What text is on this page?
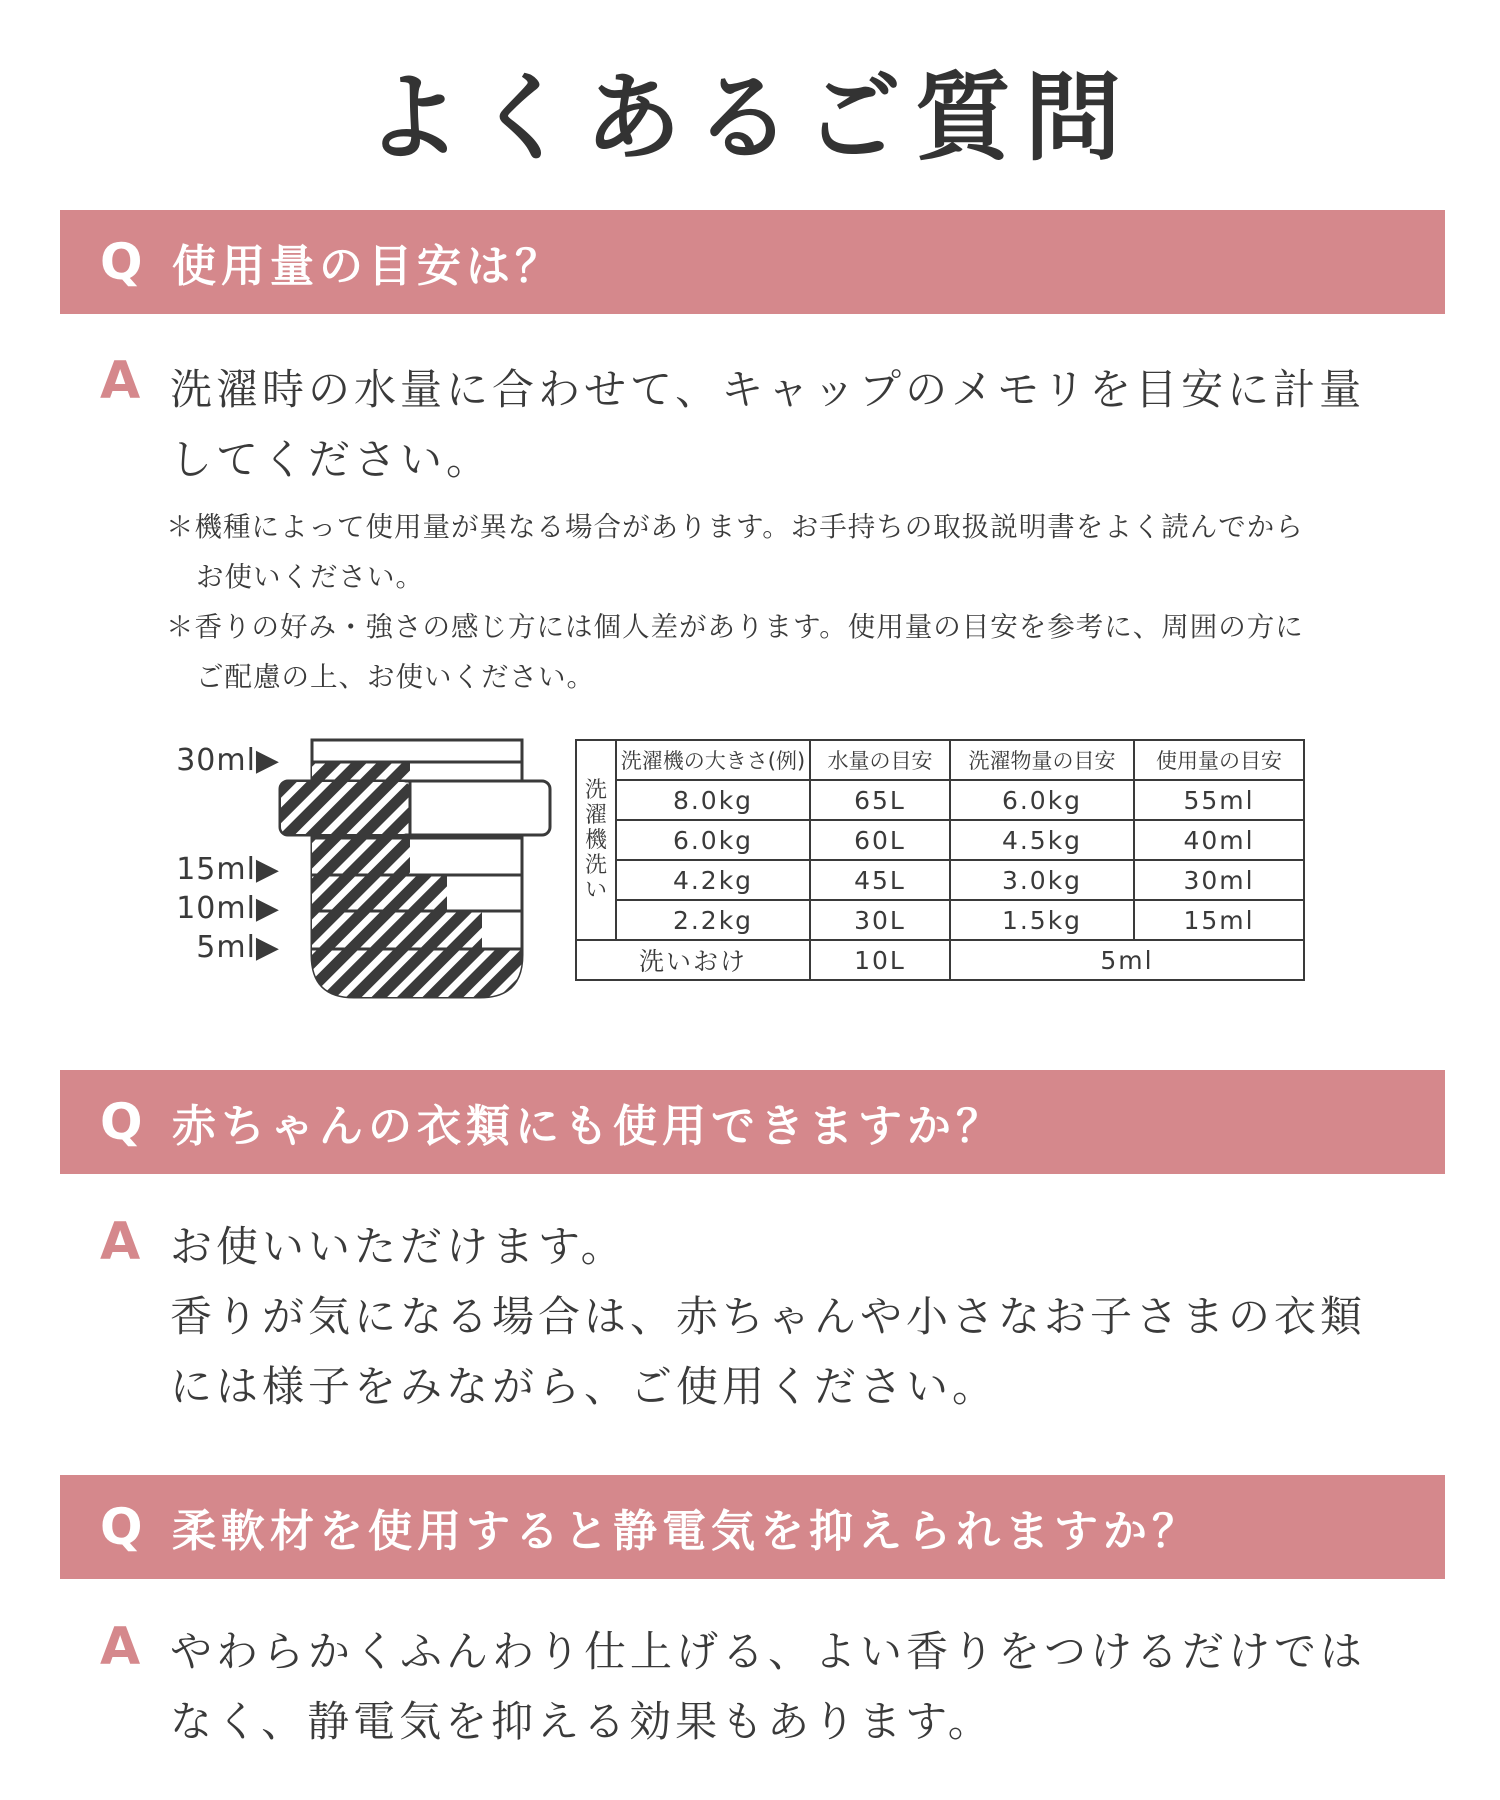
よくあるご質問
Q 使用量の目安は？
A 洗濯時の水量に合わせて、キャップのメモリを目安に計量
してください。
＊機種によって使用量が異なる場合があります。お手持ちの取扱説明書をよく読んでから
お使いください。
＊香りの好み・強さの感じ方には個人差があります。使用量の目安を参考に、周囲の方に
ご配慮の上、お使いください。
30ml▶
15ml▶
10ml▶
5ml▶
洗
濯
機
洗
い	洗濯機の大きさ(例)	水量の目安	洗濯物量の目安	使用量の目安
	8.0kg	65L	6.0kg	55ml
	6.0kg	60L	4.5kg	40ml
	4.2kg	45L	3.0kg	30ml
	2.2kg	30L	1.5kg	15ml
洗いおけ		10L	5ml	
Q 赤ちゃんの衣類にも使用できますか？
A お使いいただけます。
香りが気になる場合は、赤ちゃんや小さなお子さまの衣類
には様子をみながら、ご使用ください。
Q 柔軟材を使用すると静電気を抑えられますか？
A やわらかくふんわり仕上げる、よい香りをつけるだけでは
なく、静電気を抑える効果もあります。
